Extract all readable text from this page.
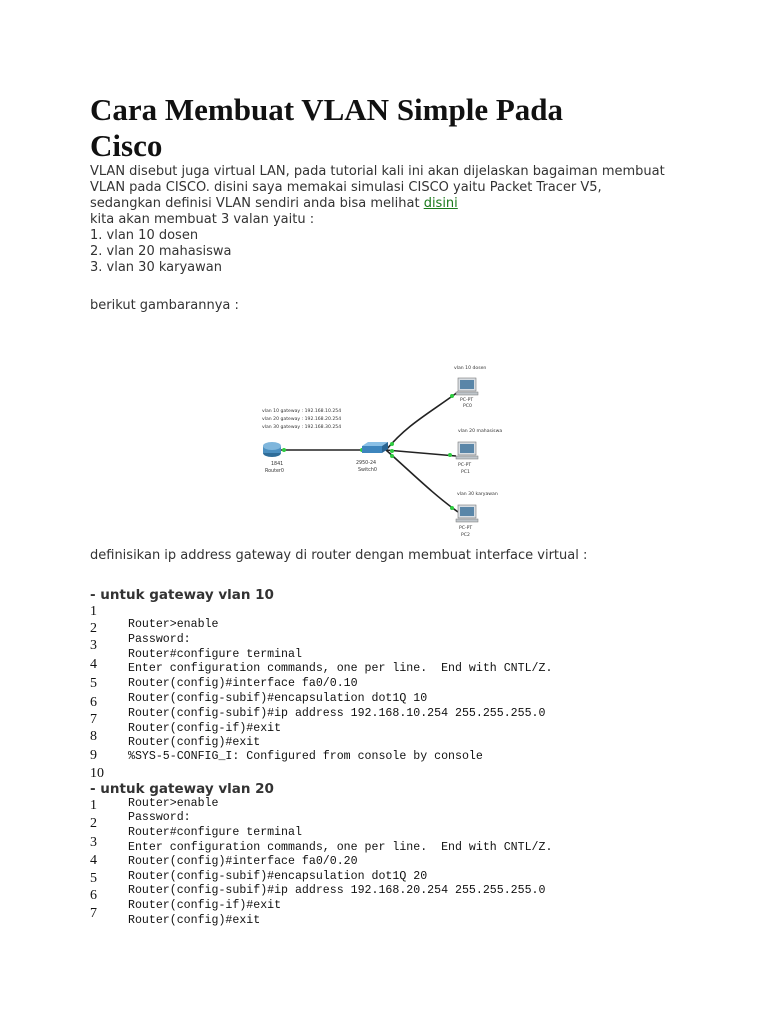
Cara Membuat VLAN Simple Pada Cisco

VLAN disebut juga virtual LAN, pada tutorial kali ini akan dijelaskan bagaiman membuat

VLAN pada CISCO. disini saya memakai simulasi CISCO yaitu Packet Tracer V5,

sedangkan definisi VLAN sendiri anda bisa melihat disini

kita akan membuat 3 valan yaitu :

1. vlan 10 dosen

2. vlan 20 mahasiswa

3. vlan 30 karyawan

berikut gambarannya :

vlan 10 gateway : 192.168.10.254
vlan 20 gateway : 192.168.20.254
vlan 30 gateway : 192.168.30.254
1841
Router0
2950-24
Switch0
vlan 10 dosen
PC-PT
PC0
vlan 20 mahasiswa
PC-PT
PC1
vlan 30 karyawan
PC-PT
PC2

definisikan ip address gateway di router dengan membuat interface virtual :

- untuk gateway vlan 10

1
2
3
4
5
6
7
8
9
10
Router>enable
Password:
Router#configure terminal
Enter configuration commands, one per line.  End with CNTL/Z.
Router(config)#interface fa0/0.10
Router(config-subif)#encapsulation dot1Q 10
Router(config-subif)#ip address 192.168.10.254 255.255.255.0
Router(config-if)#exit
Router(config)#exit
%SYS-5-CONFIG_I: Configured from console by console

- untuk gateway vlan 20

1
2
3
4
5
6
7
Router>enable
Password:
Router#configure terminal
Enter configuration commands, one per line.  End with CNTL/Z.
Router(config)#interface fa0/0.20
Router(config-subif)#encapsulation dot1Q 20
Router(config-subif)#ip address 192.168.20.254 255.255.255.0
Router(config-if)#exit
Router(config)#exit
